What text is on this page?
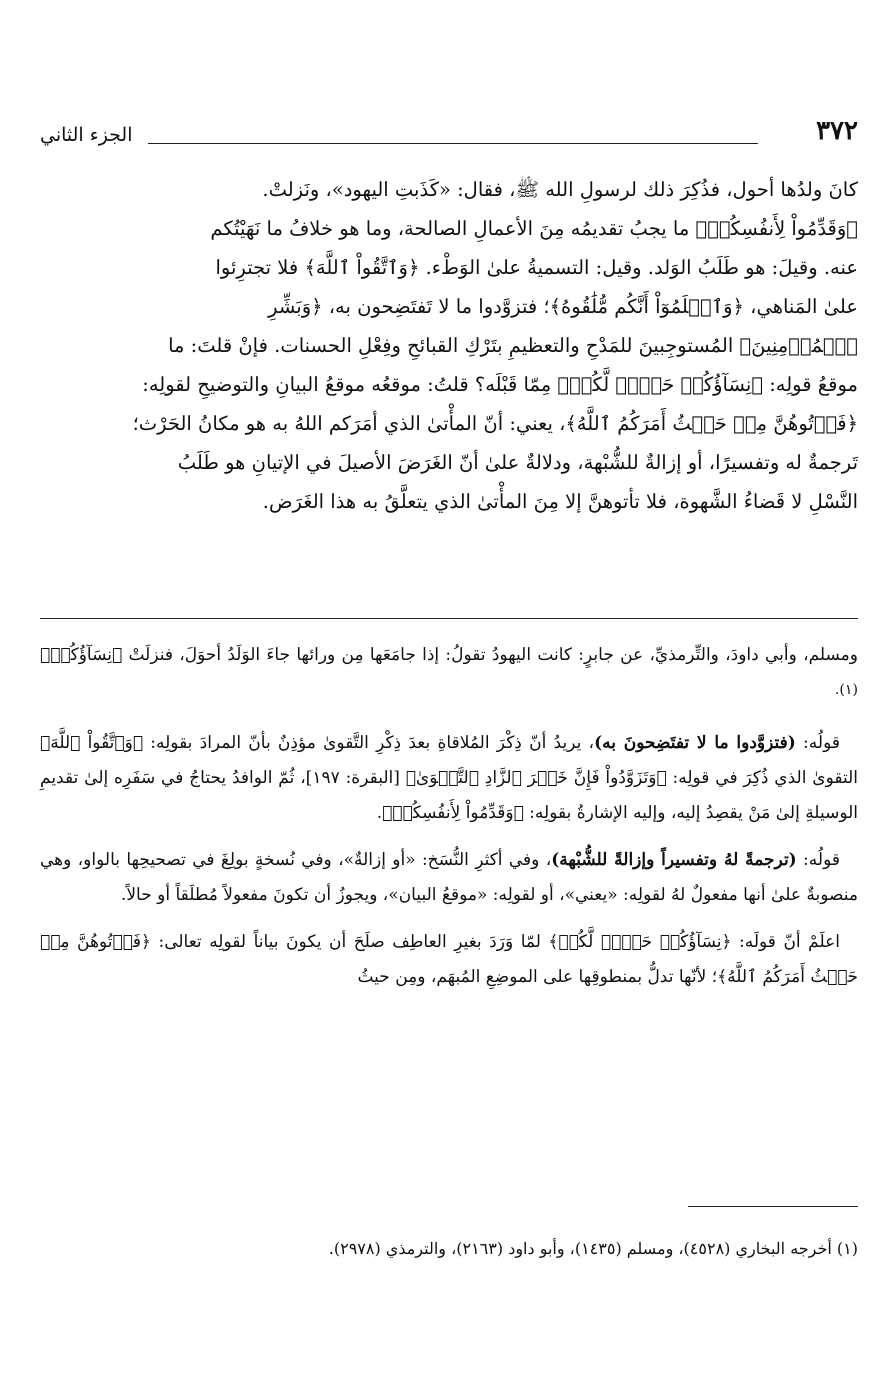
٣٧٢
الجزء الثاني

كانَ ولدُها أحول، فذُكِرَ ذلك لرسولِ الله ﷺ، فقال: «كَذَبتِ اليهود»، ونَزلتْ.

﴿وَقَدِّمُواْ لِأَنفُسِكُمۡ﴾ ما يجبُ تقديمُه مِنَ الأعمالِ الصالحة، وما هو خلافُ ما نَهَيْتُكم

عنه. وقيلَ: هو طَلَبُ الوَلد. وقيل: التسميةُ علىٰ الوَطْء. ﴿وَٱتَّقُواْ ٱللَّهَ﴾ فلا تجترِئوا

علىٰ المَناهي، ﴿وَٱعۡلَمُوٓاْ أَنَّكُم مُّلَٰقُوهُ﴾؛ فتزوَّدوا ما لا تَفتَضِحون به، ﴿وَبَشِّرِ

ٱلۡمُؤۡمِنِينَ﴾ المُستوجِبينَ للمَدْحِ والتعظيمِ بتَرْكِ القبائحِ وفِعْلِ الحسنات. فإنْ قلتَ: ما

موقعُ قولِه: ﴿نِسَآؤُكُمۡ حَرۡثٞ لَّكُمۡ﴾ مِمّا قَبْلَه؟ قلتُ: موقعُه موقعُ البيانِ والتوضيحِ لقولِه:

﴿فَأۡتُوهُنَّ مِنۡ حَيۡثُ أَمَرَكُمُ ٱللَّهُ﴾، يعني: أنّ المأْتىٰ الذي أمَرَكم اللهُ به هو مكانُ الحَرْث؛

تَرجمةٌ له وتفسيرًا، أو إزالةٌ للشُّبْهة، ودلالةٌ علىٰ أنّ الغَرَضَ الأصيلَ في الإتيانِ هو طَلَبُ

النَّسْلِ لا قَضاءُ الشَّهوة، فلا تأتوهنَّ إلا مِنَ المأْتىٰ الذي يتعلَّقُ به هذا الغَرَض.

ومسلم، وأبي داودَ، والتِّرمذيِّ، عن جابرٍ: كانت اليهودُ تقولُ: إذا جامَعَها مِن ورائها جاءَ الوَلَدُ أحوَلَ، فنزلَتْ ﴿نِسَآؤُكُمۡ﴾$^{(١).}$

قولُه: (فتزوَّدوا ما لا تفتَضِحونَ به)، يريدُ أنّ ذِكْرَ المُلاقاةِ بعدَ ذِكْرِ التَّقوىٰ مؤذِنٌ بأنّ المرادَ بقولِه: ﴿وَٱتَّقُواْ ٱللَّهَ﴾ التقوىٰ الذي ذُكِرَ في قولِه: ﴿وَتَزَوَّدُواْ فَإِنَّ خَيۡرَ ٱلزَّادِ ٱلتَّقۡوَىٰ﴾ [البقرة: ١٩٧]، ثُمّ الوافدُ يحتاجُ في سَفَرِه إلىٰ تقديمِ الوسيلةِ إلىٰ مَنْ يقصِدُ إليه، وإليه الإشارةُ بقولِه: ﴿وَقَدِّمُواْ لِأَنفُسِكُمۡ﴾.

قولُه: (ترجمةً لهُ وتفسيراً وإزالةً للشُّبْهة)، وفي أكثرِ النُّسَخ: «أو إزالةٌ»، وفي نُسخةٍ بولِغَ في تصحيحِها بالواو، وهي منصوبةٌ علىٰ أنها مفعولٌ لهُ لقولِه: «يعني»، أو لقولِه: «موقعُ البيان»، ويجوزُ أن تكونَ مفعولاً مُطلَقاً أو حالاً.

اعلَمْ أنّ قولَه: ﴿نِسَآؤُكُمۡ حَرۡثٞ لَّكُمۡ﴾ لمّا وَرَدَ بغيرِ العاطِف صلَحَ أن يكونَ بياناً لقولِه تعالى: ﴿فَأۡتُوهُنَّ مِنۡ حَيۡثُ أَمَرَكُمُ ٱللَّهُ﴾؛ لأنّها تدلُّ بمنطوقِها على الموضِعِ المُبهَم، ومِن حيثُ

(١) أخرجه البخاري (٤٥٢٨)، ومسلم (١٤٣٥)، وأبو داود (٢١٦٣)، والترمذي (٢٩٧٨).
